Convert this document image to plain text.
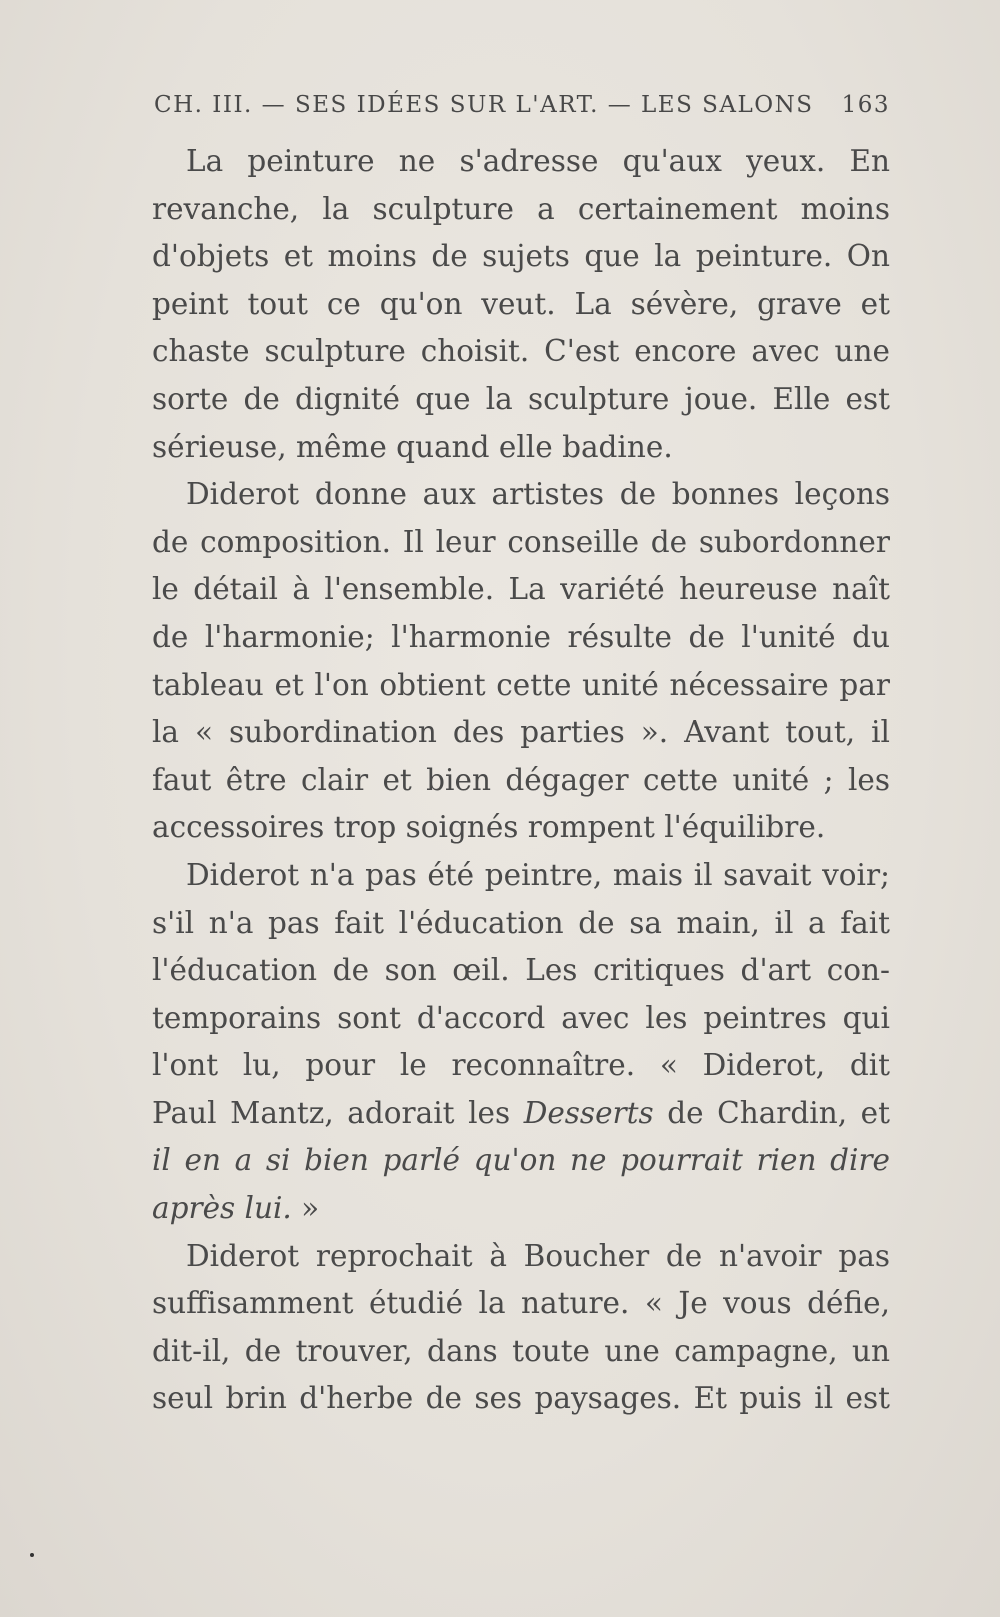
CH. III. — SES IDÉES SUR L'ART. — LES SALONS 163
La peinture ne s'adresse qu'aux yeux. En
revanche, la sculpture a certainement moins
d'objets et moins de sujets que la peinture. On
peint tout ce qu'on veut. La sévère, grave et
chaste sculpture choisit. C'est encore avec une
sorte de dignité que la sculpture joue. Elle est
sérieuse, même quand elle badine.
Diderot donne aux artistes de bonnes leçons
de composition. Il leur conseille de subordonner
le détail à l'ensemble. La variété heureuse naît
de l'harmonie; l'harmonie résulte de l'unité du
tableau et l'on obtient cette unité nécessaire par
la « subordination des parties ». Avant tout, il
faut être clair et bien dégager cette unité ; les
accessoires trop soignés rompent l'équilibre.
Diderot n'a pas été peintre, mais il savait voir;
s'il n'a pas fait l'éducation de sa main, il a fait
l'éducation de son œil. Les critiques d'art con-
temporains sont d'accord avec les peintres qui
l'ont lu, pour le reconnaître. « Diderot, dit
Paul Mantz, adorait les Desserts de Chardin, et
il en a si bien parlé qu'on ne pourrait rien dire
après lui. »
Diderot reprochait à Boucher de n'avoir pas
suffisamment étudié la nature. « Je vous défie,
dit-il, de trouver, dans toute une campagne, un
seul brin d'herbe de ses paysages. Et puis il est
